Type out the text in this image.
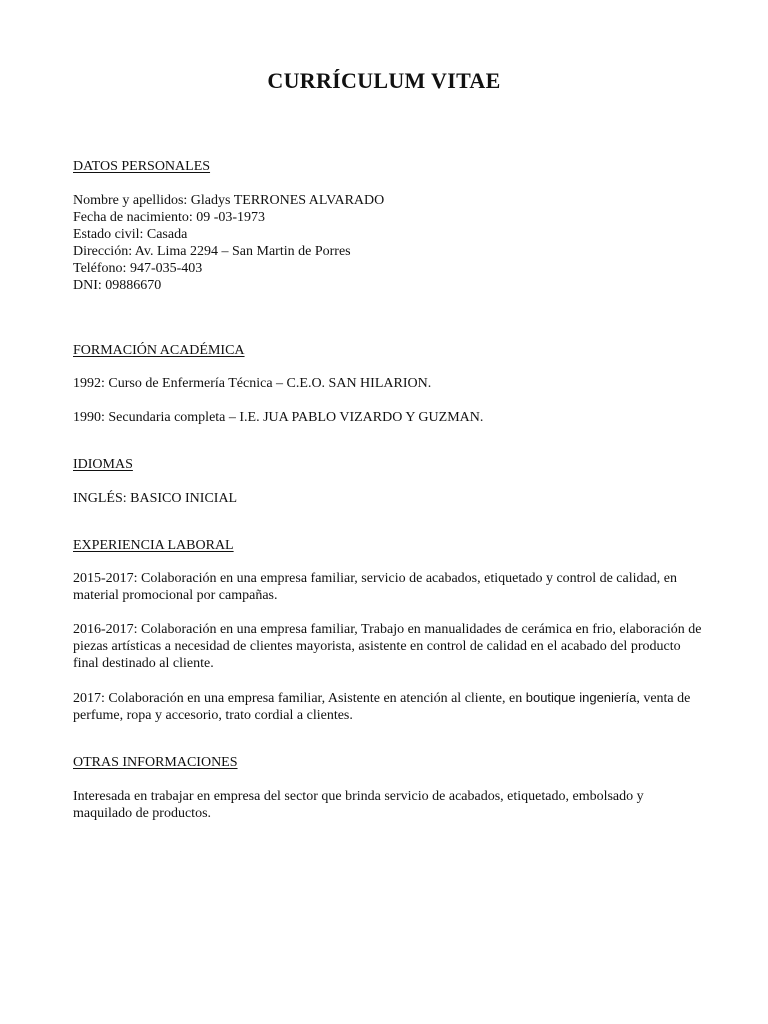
CURRÍCULUM VITAE

DATOS PERSONALES

Nombre y apellidos: Gladys TERRONES ALVARADO

Fecha de nacimiento: 09 -03-1973

Estado civil: Casada

Dirección: Av. Lima 2294 – San Martin de Porres

Teléfono: 947-035-403

DNI: 09886670

FORMACIÓN ACADÉMICA

1992: Curso de Enfermería Técnica – C.E.O. SAN HILARION.

1990: Secundaria completa – I.E. JUA PABLO VIZARDO Y GUZMAN.

IDIOMAS

INGLÉS: BASICO INICIAL

EXPERIENCIA LABORAL

2015-2017: Colaboración en una empresa familiar, servicio de acabados, etiquetado y control de calidad, en material promocional por campañas.

2016-2017: Colaboración en una empresa familiar, Trabajo en manualidades de cerámica en frio, elaboración de piezas artísticas a necesidad de clientes mayorista, asistente en control de calidad en el acabado del producto final destinado al cliente.

2017: Colaboración en una empresa familiar, Asistente en atención al cliente, en boutique ingeniería, venta de perfume, ropa y accesorio, trato cordial a clientes.

OTRAS INFORMACIONES

Interesada en trabajar en empresa del sector que brinda servicio de acabados, etiquetado, embolsado y maquilado de productos.
